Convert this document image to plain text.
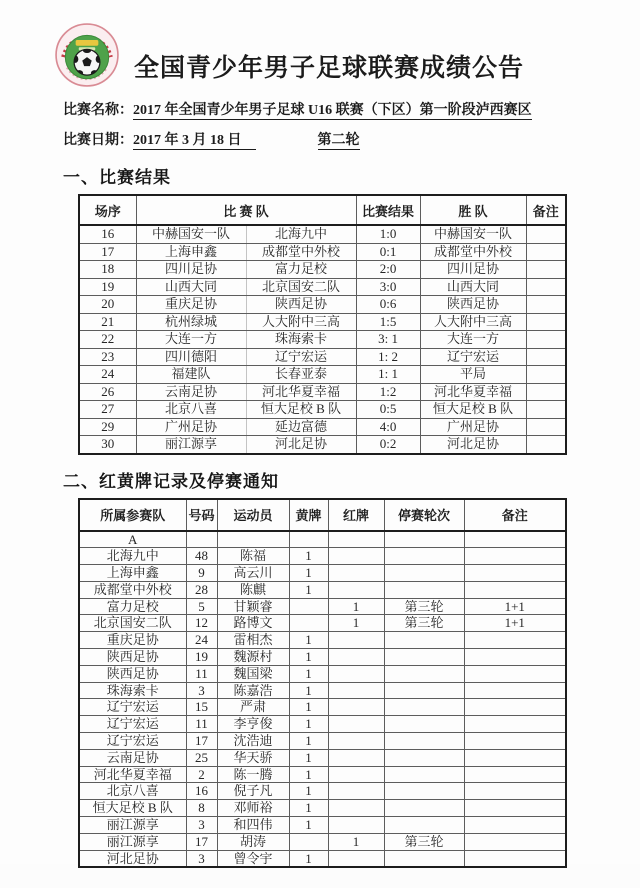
全国青少年男子足球联赛成绩公告
比赛名称：2017 年全国青少年男子足球 U16 联赛（下区）第一阶段泸西赛区
比赛日期：2017 年 3 月 18 日	第二轮
一、比赛结果
场序	比 赛 队		比赛结果	胜 队	备注
16	中赫国安一队	北海九中	1:0	中赫国安一队	
17	上海申鑫	成都堂中外校	0:1	成都堂中外校	
18	四川足协	富力足校	2:0	四川足协	
19	山西大同	北京国安二队	3:0	山西大同	
20	重庆足协	陕西足协	0:6	陕西足协	
21	杭州绿城	人大附中三高	1:5	人大附中三高	
22	大连一方	珠海索卡	3: 1	大连一方	
23	四川德阳	辽宁宏运	1: 2	辽宁宏运	
24	福建队	长春亚泰	1: 1	平局	
26	云南足协	河北华夏幸福	1:2	河北华夏幸福	
27	北京八喜	恒大足校 B 队	0:5	恒大足校 B 队	
29	广州足协	延边富德	4:0	广州足协	
30	丽江源享	河北足协	0:2	河北足协	
二、红黄牌记录及停赛通知
所属参赛队	号码	运动员	黄牌	红牌	停赛轮次	备注
A						
北海九中	48	陈福	1			
上海申鑫	9	高云川	1			
成都堂中外校	28	陈麒	1			
富力足校	5	甘颖睿		1	第三轮	1+1
北京国安二队	12	路博文		1	第三轮	1+1
重庆足协	24	雷相杰	1			
陕西足协	19	魏源村	1			
陕西足协	11	魏国梁	1			
珠海索卡	3	陈嘉浩	1			
辽宁宏运	15	严肃	1			
辽宁宏运	11	李亨俊	1			
辽宁宏运	17	沈浩迪	1			
云南足协	25	华天骄	1			
河北华夏幸福	2	陈一腾	1			
北京八喜	16	倪子凡	1			
恒大足校 B 队	8	邓师裕	1			
丽江源享	3	和四伟	1			
丽江源享	17	胡涛		1	第三轮	
河北足协	3	曾令宇	1			
